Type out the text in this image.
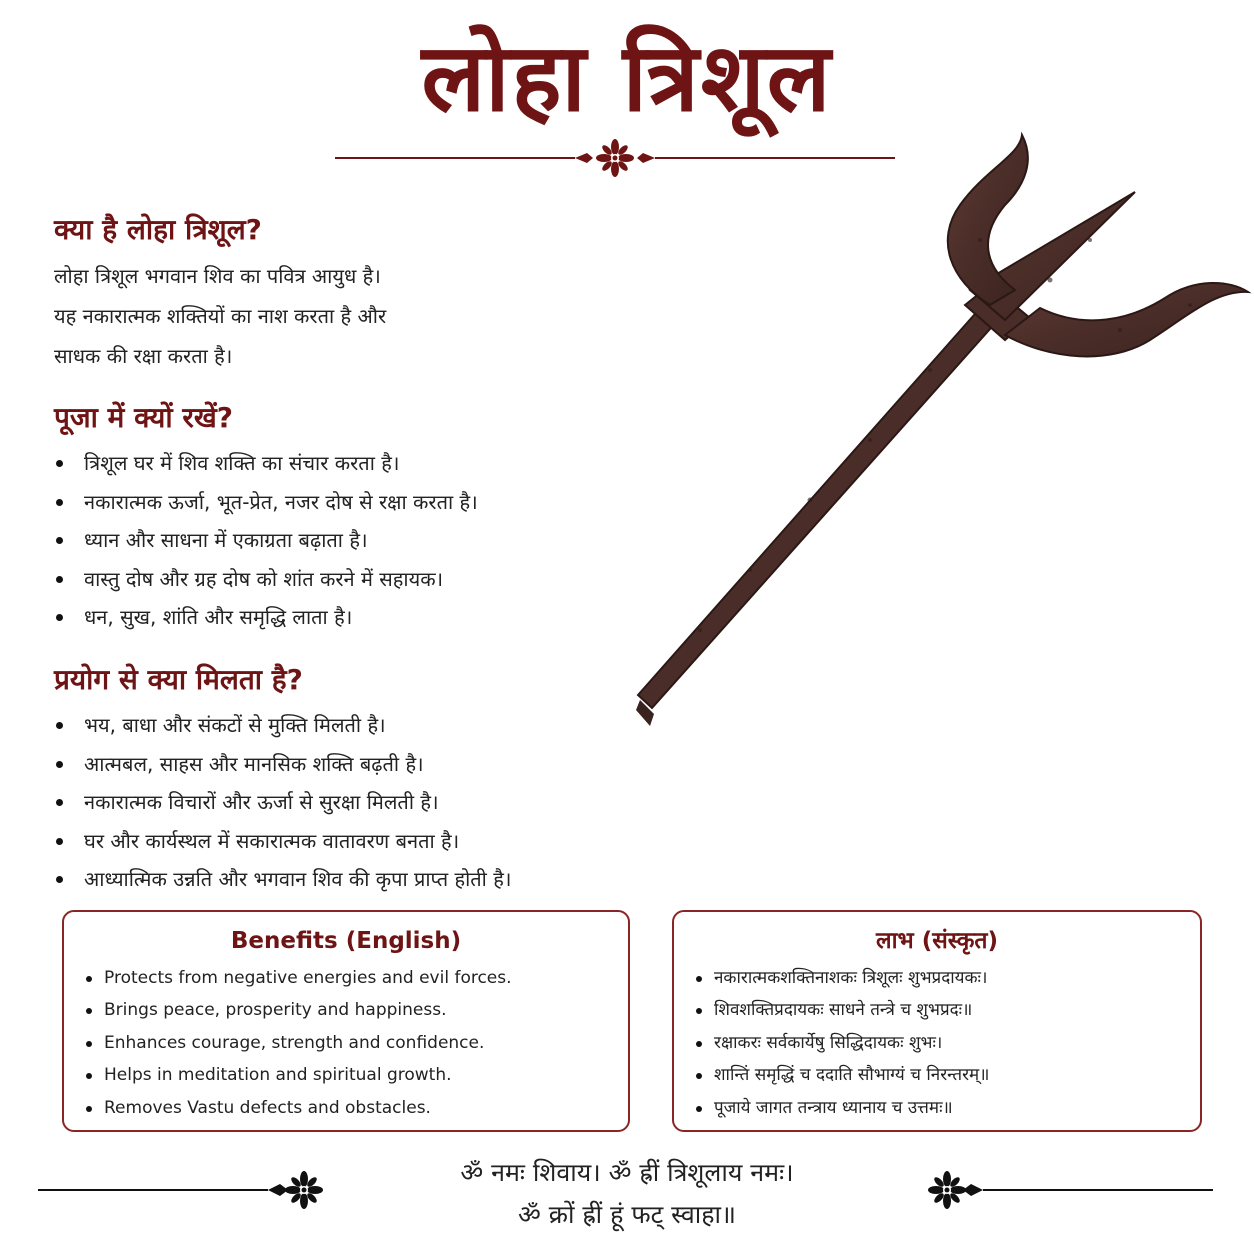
लोहा त्रिशूल
क्या है लोहा त्रिशूल?
लोहा त्रिशूल भगवान शिव का पवित्र आयुध है।
यह नकारात्मक शक्तियों का नाश करता है और
साधक की रक्षा करता है।
पूजा में क्यों रखें?
त्रिशूल घर में शिव शक्ति का संचार करता है।
नकारात्मक ऊर्जा, भूत-प्रेत, नजर दोष से रक्षा करता है।
ध्यान और साधना में एकाग्रता बढ़ाता है।
वास्तु दोष और ग्रह दोष को शांत करने में सहायक।
धन, सुख, शांति और समृद्धि लाता है।
प्रयोग से क्या मिलता है?
भय, बाधा और संकटों से मुक्ति मिलती है।
आत्मबल, साहस और मानसिक शक्ति बढ़ती है।
नकारात्मक विचारों और ऊर्जा से सुरक्षा मिलती है।
घर और कार्यस्थल में सकारात्मक वातावरण बनता है।
आध्यात्मिक उन्नति और भगवान शिव की कृपा प्राप्त होती है।
Benefits (English)
Protects from negative energies and evil forces.
Brings peace, prosperity and happiness.
Enhances courage, strength and confidence.
Helps in meditation and spiritual growth.
Removes Vastu defects and obstacles.
लाभ (संस्कृत)
नकारात्मकशक्तिनाशकः त्रिशूलः शुभप्रदायकः।
शिवशक्तिप्रदायकः साधने तन्त्रे च शुभप्रदः॥
रक्षाकरः सर्वकार्येषु सिद्धिदायकः शुभः।
शान्तिं समृद्धिं च ददाति सौभाग्यं च निरन्तरम्॥
पूजाये जागत तन्त्राय ध्यानाय च उत्तमः॥
ॐ नमः शिवाय। ॐ ह्रीं त्रिशूलाय नमः।
ॐ क्रों ह्रीं हूं फट् स्वाहा॥
